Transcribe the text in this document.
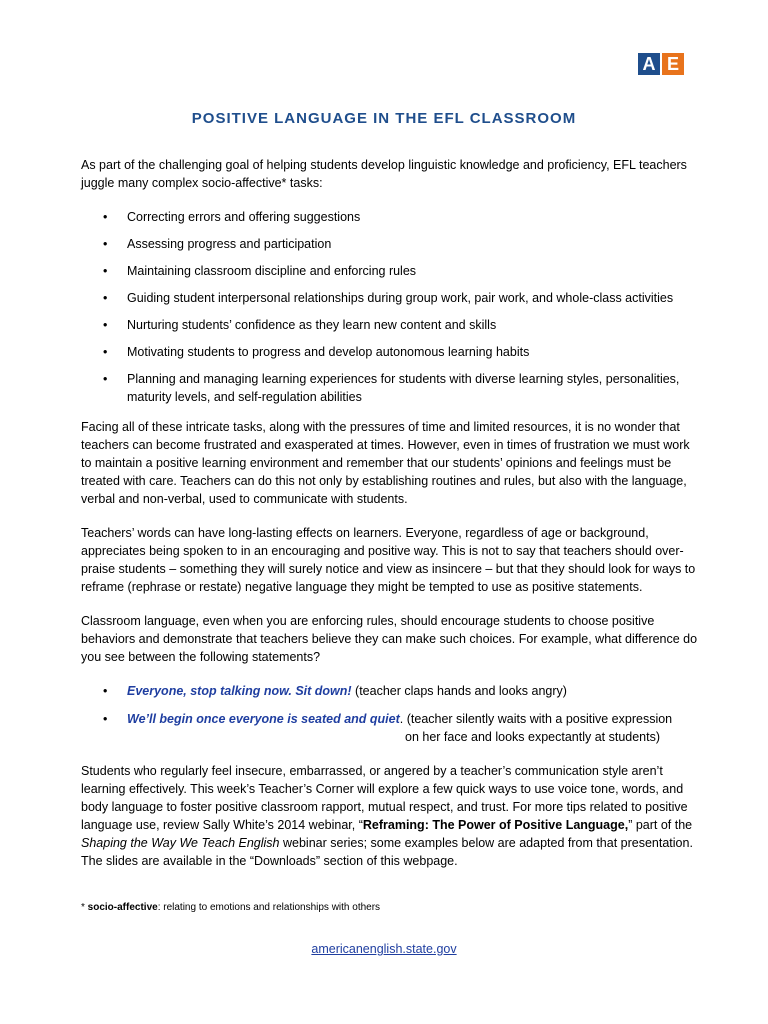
A E
POSITIVE LANGUAGE IN THE EFL CLASSROOM

As part of the challenging goal of helping students develop linguistic knowledge and proficiency, EFL teachers juggle many complex socio-affective* tasks:

• Correcting errors and offering suggestions
• Assessing progress and participation
• Maintaining classroom discipline and enforcing rules
• Guiding student interpersonal relationships during group work, pair work, and whole-class activities
• Nurturing students’ confidence as they learn new content and skills
• Motivating students to progress and develop autonomous learning habits
• Planning and managing learning experiences for students with diverse learning styles, personalities, maturity levels, and self-regulation abilities

Facing all of these intricate tasks, along with the pressures of time and limited resources, it is no wonder that teachers can become frustrated and exasperated at times. However, even in times of frustration we must work to maintain a positive learning environment and remember that our students’ opinions and feelings must be treated with care. Teachers can do this not only by establishing routines and rules, but also with the language, verbal and non-verbal, used to communicate with students.

Teachers’ words can have long-lasting effects on learners. Everyone, regardless of age or background, appreciates being spoken to in an encouraging and positive way. This is not to say that teachers should over-praise students – something they will surely notice and view as insincere – but that they should look for ways to reframe (rephrase or restate) negative language they might be tempted to use as positive statements.

Classroom language, even when you are enforcing rules, should encourage students to choose positive behaviors and demonstrate that teachers believe they can make such choices. For example, what difference do you see between the following statements?

• Everyone, stop talking now. Sit down! (teacher claps hands and looks angry)
• We’ll begin once everyone is seated and quiet. (teacher silently waits with a positive expression
on her face and looks expectantly at students)

Students who regularly feel insecure, embarrassed, or angered by a teacher’s communication style aren’t learning effectively. This week’s Teacher’s Corner will explore a few quick ways to use voice tone, words, and body language to foster positive classroom rapport, mutual respect, and trust. For more tips related to positive language use, review Sally White’s 2014 webinar, “Reframing: The Power of Positive Language,” part of the Shaping the Way We Teach English webinar series; some examples below are adapted from that presentation. The slides are available in the “Downloads” section of this webpage.

* socio-affective: relating to emotions and relationships with others
americanenglish.state.gov
